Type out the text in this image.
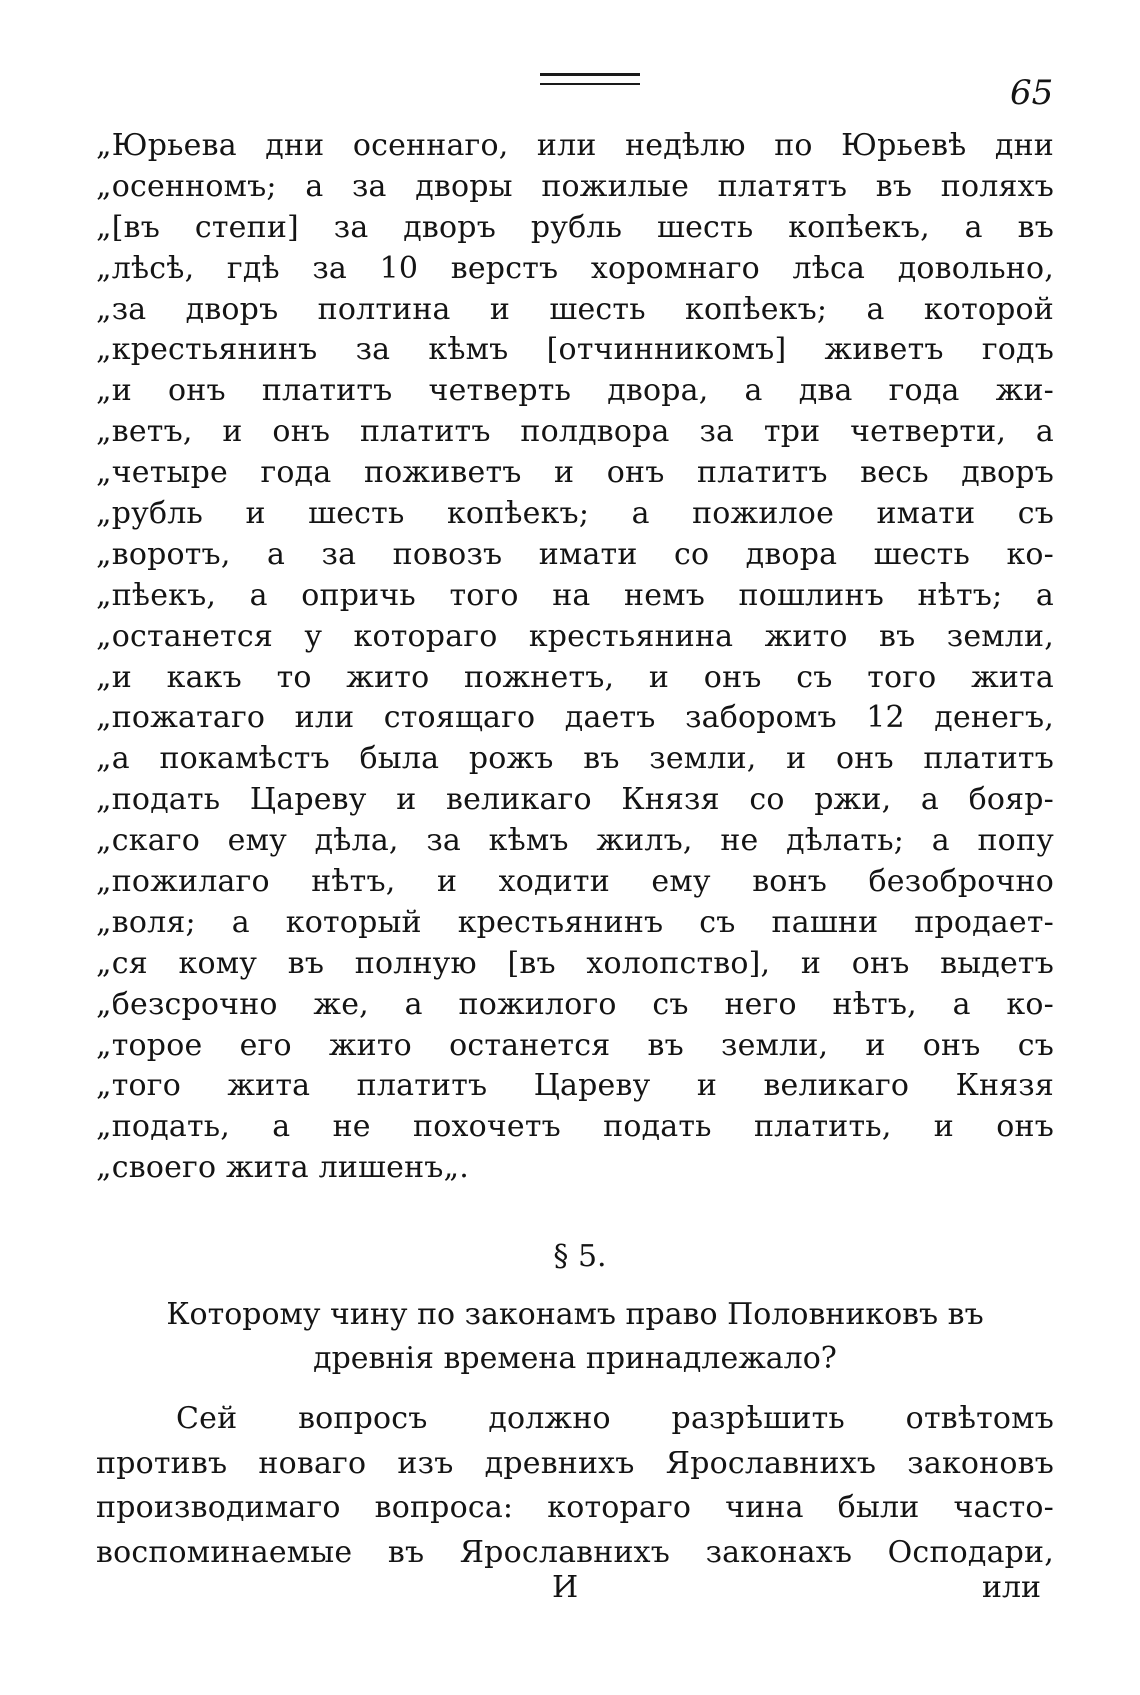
65
„Юрьева дни осеннаго, или недѣлю по Юрьевѣ дни
„осенномъ; а за дворы пожилые платятъ въ поляхъ
„[въ степи] за дворъ рубль шесть копѣекъ, а въ
„лѣсѣ, гдѣ за 10 верстъ хоромнаго лѣса довольно,
„за дворъ полтина и шесть копѣекъ; а которой
„крестьянинъ за кѣмъ [отчинникомъ] живетъ годъ
„и онъ платитъ четверть двора, а два года жи-
„ветъ, и онъ платитъ полдвора за три четверти, а
„четыре года поживетъ и онъ платитъ весь дворъ
„рубль и шесть копѣекъ; а пожилое имати съ
„воротъ, а за повозъ имати со двора шесть ко-
„пѣекъ, а опричь того на немъ пошлинъ нѣтъ; а
„останется у котораго крестьянина жито въ земли,
„и какъ то жито пожнетъ, и онъ съ того жита
„пожатаго или стоящаго даетъ заборомъ 12 денегъ,
„а покамѣстъ была рожъ въ земли, и онъ платитъ
„подать Цареву и великаго Князя со ржи, а бояр-
„скаго ему дѣла, за кѣмъ жилъ, не дѣлать; а попу
„пожилаго нѣтъ, и ходити ему вонъ безоброчно
„воля; а который крестьянинъ съ пашни продает-
„ся кому въ полную [въ холопство], и онъ выдетъ
„безсрочно же, а пожилого съ него нѣтъ, а ко-
„торое его жито останется въ земли, и онъ съ
„того жита платитъ Цареву и великаго Князя
„подать, а не похочетъ подать платить, и онъ
„своего жита лишенъ„.
§ 5.
Которому чину по законамъ право Половниковъ въ
древнія времена принадлежало?
Сей вопросъ должно разрѣшить отвѣтомъ
противъ новаго изъ древнихъ Ярославнихъ законовъ
производимаго вопроса: котораго чина были часто-
воспоминаемые въ Ярославнихъ законахъ Осподари,
И	или
